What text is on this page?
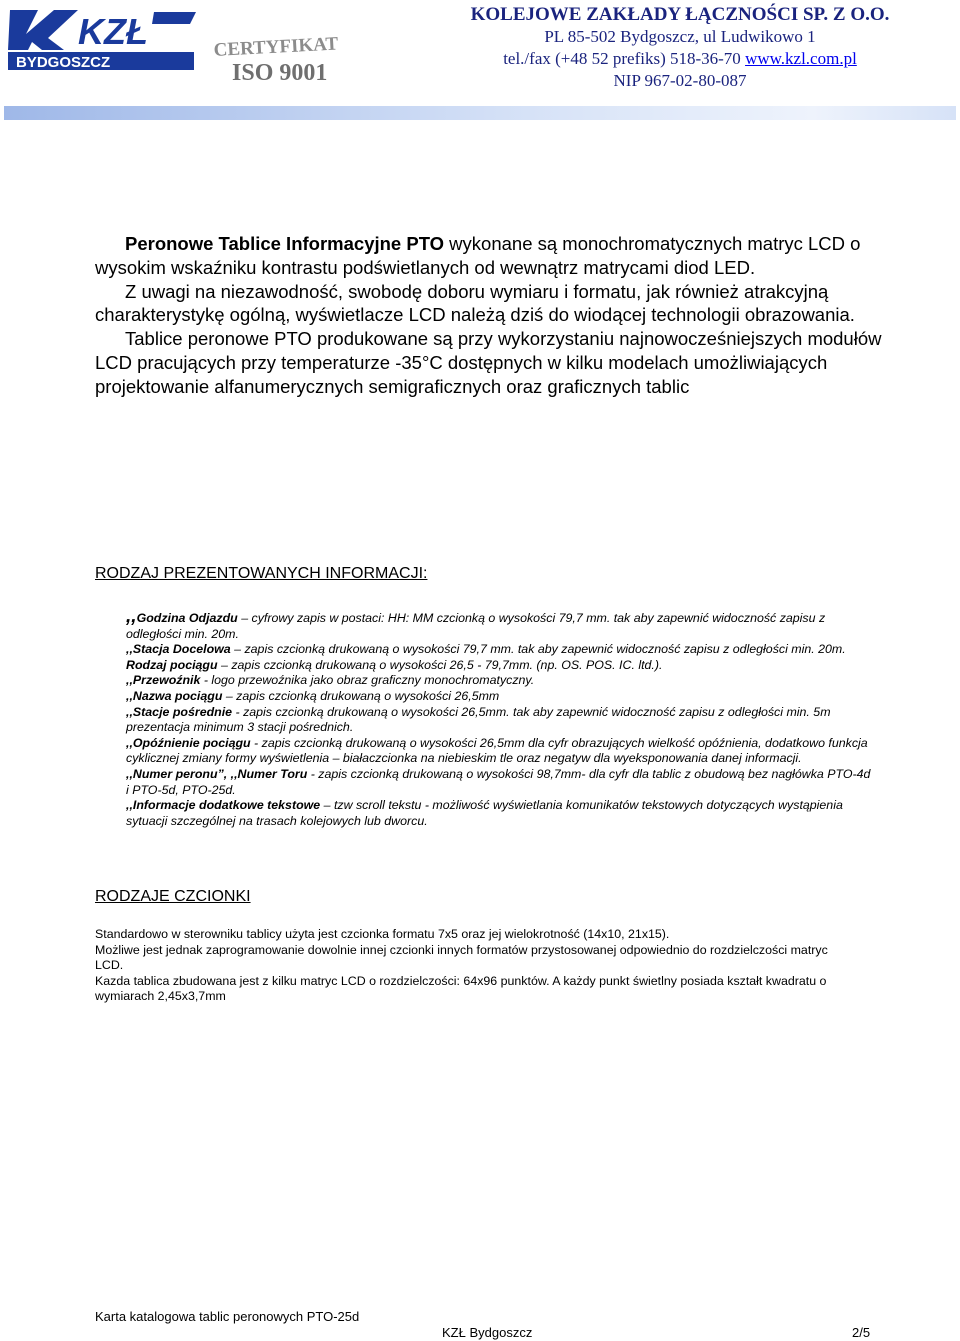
KZŁ
BYDGOSZCZ
CERTYFIKAT
ISO 9001
KOLEJOWE ZAKŁADY ŁĄCZNOŚCI SP. Z O.O.
PL 85-502 Bydgoszcz, ul Ludwikowo 1
tel./fax (+48 52 prefiks) 518-36-70 www.kzl.com.pl
NIP 967-02-80-087

Peronowe Tablice Informacyjne PTO wykonane są monochromatycznych matryc LCD o wysokim wskaźniku kontrastu podświetlanych od wewnątrz matrycami diod LED.

Z uwagi na niezawodność, swobodę doboru wymiaru i formatu, jak również atrakcyjną charakterystykę ogólną, wyświetlacze LCD należą dziś do wiodącej technologii obrazowania.

Tablice peronowe PTO produkowane są przy wykorzystaniu najnowocześniejszych modułów LCD pracujących przy temperaturze -35°C dostępnych w kilku modelach umożliwiających projektowanie alfanumerycznych semigraficznych oraz graficznych tablic

RODZAJ PREZENTOWANYCH INFORMACJI:

,,Godzina Odjazdu – cyfrowy zapis w postaci: HH: MM czcionką o wysokości 79,7 mm. tak aby zapewnić widoczność zapisu z odległości min. 20m.

,,Stacja Docelowa – zapis czcionką drukowaną o wysokości 79,7 mm. tak aby zapewnić widoczność zapisu z odległości min. 20m.

Rodzaj pociągu – zapis czcionką drukowaną o wysokości 26,5 - 79,7mm. (np. OS. POS. IC. ltd.).

,,Przewoźnik - logo przewoźnika jako obraz graficzny monochromatyczny.

,,Nazwa pociągu – zapis czcionką drukowaną o wysokości 26,5mm

,,Stacje pośrednie - zapis czcionką drukowaną o wysokości 26,5mm. tak aby zapewnić widoczność zapisu z odległości min. 5m prezentacja minimum 3 stacji pośrednich.

,,Opóźnienie pociągu - zapis czcionką drukowaną o wysokości 26,5mm dla cyfr obrazujących wielkość opóźnienia, dodatkowo funkcja cyklicznej zmiany formy wyświetlenia – białaczcionka na niebieskim tle oraz negatyw dla wyeksponowania danej informacji.

,,Numer peronu”, ,,Numer Toru - zapis czcionką drukowaną o wysokości 98,7mm- dla cyfr dla tablic z obudową bez nagłówka PTO-4d i PTO-5d, PTO-25d.

,,Informacje dodatkowe tekstowe – tzw scroll tekstu - możliwość wyświetlania komunikatów tekstowych dotyczących wystąpienia sytuacji szczególnej na trasach kolejowych lub dworcu.

RODZAJE CZCIONKI

Standardowo w sterowniku tablicy użyta jest czcionka formatu 7x5 oraz jej wielokrotność (14x10, 21x15).

Możliwe jest jednak zaprogramowanie dowolnie innej czcionki innych formatów przystosowanej odpowiednio do rozdzielczości matryc LCD.

Kazda tablica zbudowana jest z kilku matryc LCD o rozdzielczości: 64x96 punktów. A każdy punkt świetlny posiada kształt kwadratu o wymiarach 2,45x3,7mm

Karta katalogowa tablic peronowych PTO-25d
KZŁ Bydgoszcz	2/5
